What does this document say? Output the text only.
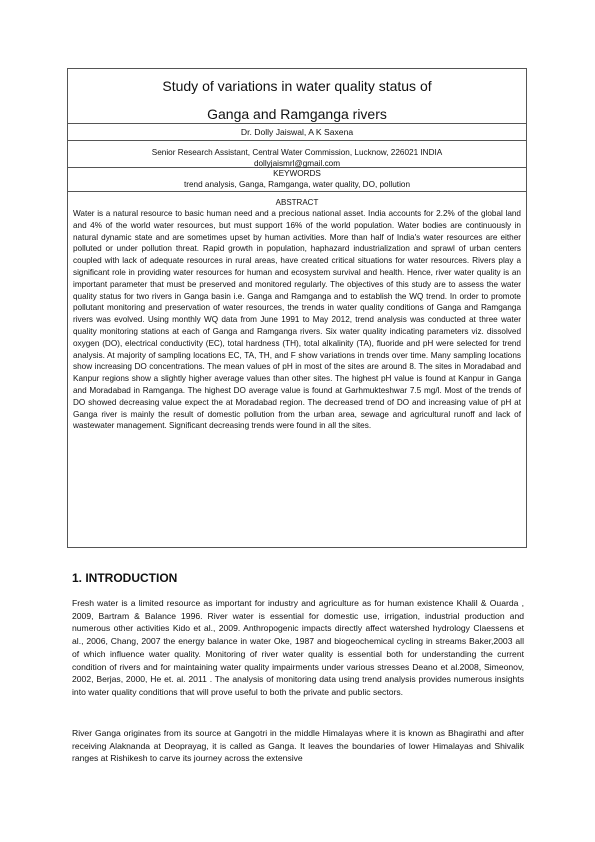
Study of variations in water quality status of
Ganga and Ramganga rivers
Dr. Dolly Jaiswal, A K Saxena
Senior Research Assistant, Central Water Commission, Lucknow, 226021 INDIA
dollyjaismrl@gmail.com
KEYWORDS
trend analysis, Ganga, Ramganga, water quality, DO, pollution
ABSTRACT
Water is a natural resource to basic human need and a precious national asset. India accounts for 2.2% of the global land and 4% of the world water resources, but must support 16% of the world population. Water bodies are continuously in natural dynamic state and are sometimes upset by human activities. More than half of India's water resources are either polluted or under pollution threat. Rapid growth in population, haphazard industrialization and sprawl of urban centers coupled with lack of adequate resources in rural areas, have created critical situations for water resources. Rivers play a significant role in providing water resources for human and ecosystem survival and health. Hence, river water quality is an important parameter that must be preserved and monitored regularly. The objectives of this study are to assess the water quality status for two rivers in Ganga basin i.e. Ganga and Ramganga and to establish the WQ trend. In order to promote pollutant monitoring and preservation of water resources, the trends in water quality conditions of Ganga and Ramganga rivers was evolved. Using monthly WQ data from June 1991 to May 2012, trend analysis was conducted at three water quality monitoring stations at each of Ganga and Ramganga rivers. Six water quality indicating parameters viz. dissolved oxygen (DO), electrical conductivity (EC), total hardness (TH), total alkalinity (TA), fluoride and pH were selected for trend analysis. At majority of sampling locations EC, TA, TH, and F show variations in trends over time. Many sampling locations show increasing DO concentrations. The mean values of pH in most of the sites are around 8. The sites in Moradabad and Kanpur regions show a slightly higher average values than other sites. The highest pH value is found at Kanpur in Ganga and Moradabad in Ramganga. The highest DO average value is found at Garhmukteshwar 7.5 mg/l. Most of the trends of DO showed decreasing value expect the at Moradabad region. The decreased trend of DO and increasing value of pH at Ganga river is mainly the result of domestic pollution from the urban area, sewage and agricultural runoff and lack of wastewater management. Significant decreasing trends were found in all the sites.
1. INTRODUCTION
Fresh water is a limited resource as important for industry and agriculture as for human existence Khalil & Ouarda , 2009, Bartram & Balance 1996. River water is essential for domestic use, irrigation, industrial production and numerous other activities Kido et al., 2009. Anthropogenic impacts directly affect watershed hydrology Claessens et al., 2006, Chang, 2007 the energy balance in water Oke, 1987 and biogeochemical cycling in streams Baker,2003 all of which influence water quality. Monitoring of river water quality is essential both for understanding the current condition of rivers and for maintaining water quality impairments under various stresses Deano et al.2008, Simeonov, 2002, Berjas, 2000, He et. al. 2011 . The analysis of monitoring data using trend analysis provides numerous insights into water quality conditions that will prove useful to both the private and public sectors.
River Ganga originates from its source at Gangotri in the middle Himalayas where it is known as Bhagirathi and after receiving Alaknanda at Deoprayag, it is called as Ganga. It leaves the boundaries of lower Himalayas and Shivalik ranges at Rishikesh to carve its journey across the extensive
